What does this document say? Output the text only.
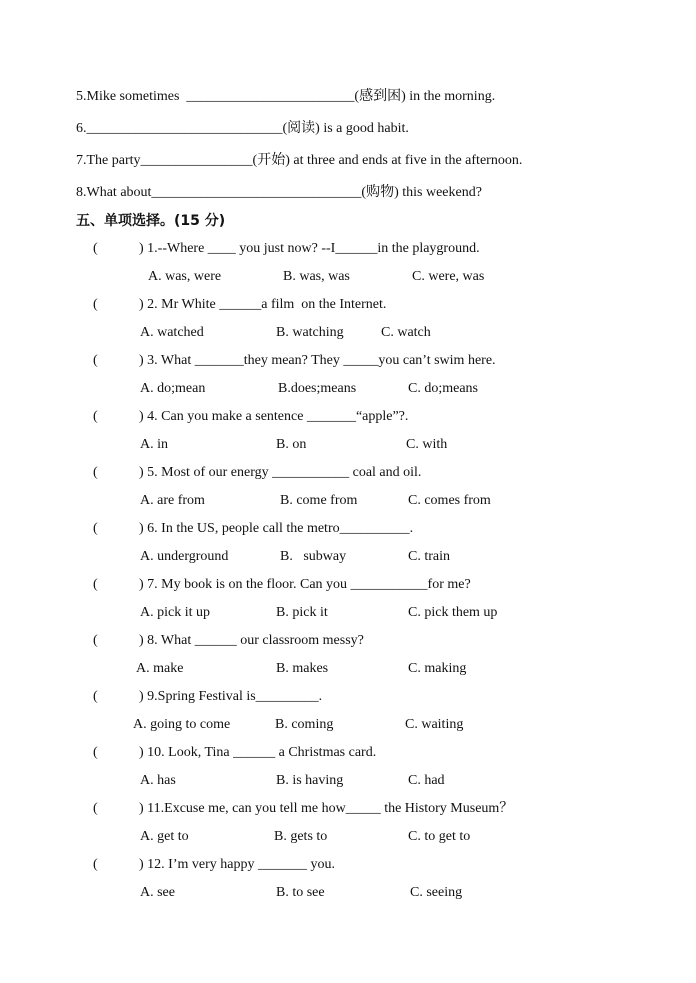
5.Mike sometimes  ________________________(感到困) in the morning.
6.____________________________(阅读) is a good habit.
7.The party________________(开始) at three and ends at five in the afternoon.
8.What about______________________________(购物) this weekend?
五、单项选择。(15 分)
(	) 1.--Where ____ you just now? --I______in the playground.
A. was, were	B. was, was	C. were, was
(	) 2. Mr White ______a film  on the Internet.
A. watched	B. watching	C. watch
(	) 3. What _______they mean? They _____you can’t swim here.
A. do;mean	B.does;means	C. do;means
(	) 4. Can you make a sentence _______“apple”?.
A. in	B. on	C. with
(	) 5. Most of our energy ___________ coal and oil.
A. are from	B. come from	C. comes from
(	) 6. In the US, people call the metro__________.
A. underground	B.   subway	C. train
(	) 7. My book is on the floor. Can you ___________for me?
A. pick it up	B. pick it	C. pick them up
(	) 8. What ______ our classroom messy?
A. make	B. makes	C. making
(	) 9.Spring Festival is_________.
A. going to come	B. coming	C. waiting
(	) 10. Look, Tina ______ a Christmas card.
A. has	B. is having	C. had
(	) 11.Excuse me, can you tell me how_____ the History Museum？
A. get to	B. gets to	C. to get to
(	) 12. I’m very happy _______ you.
A. see	B. to see	C. seeing
